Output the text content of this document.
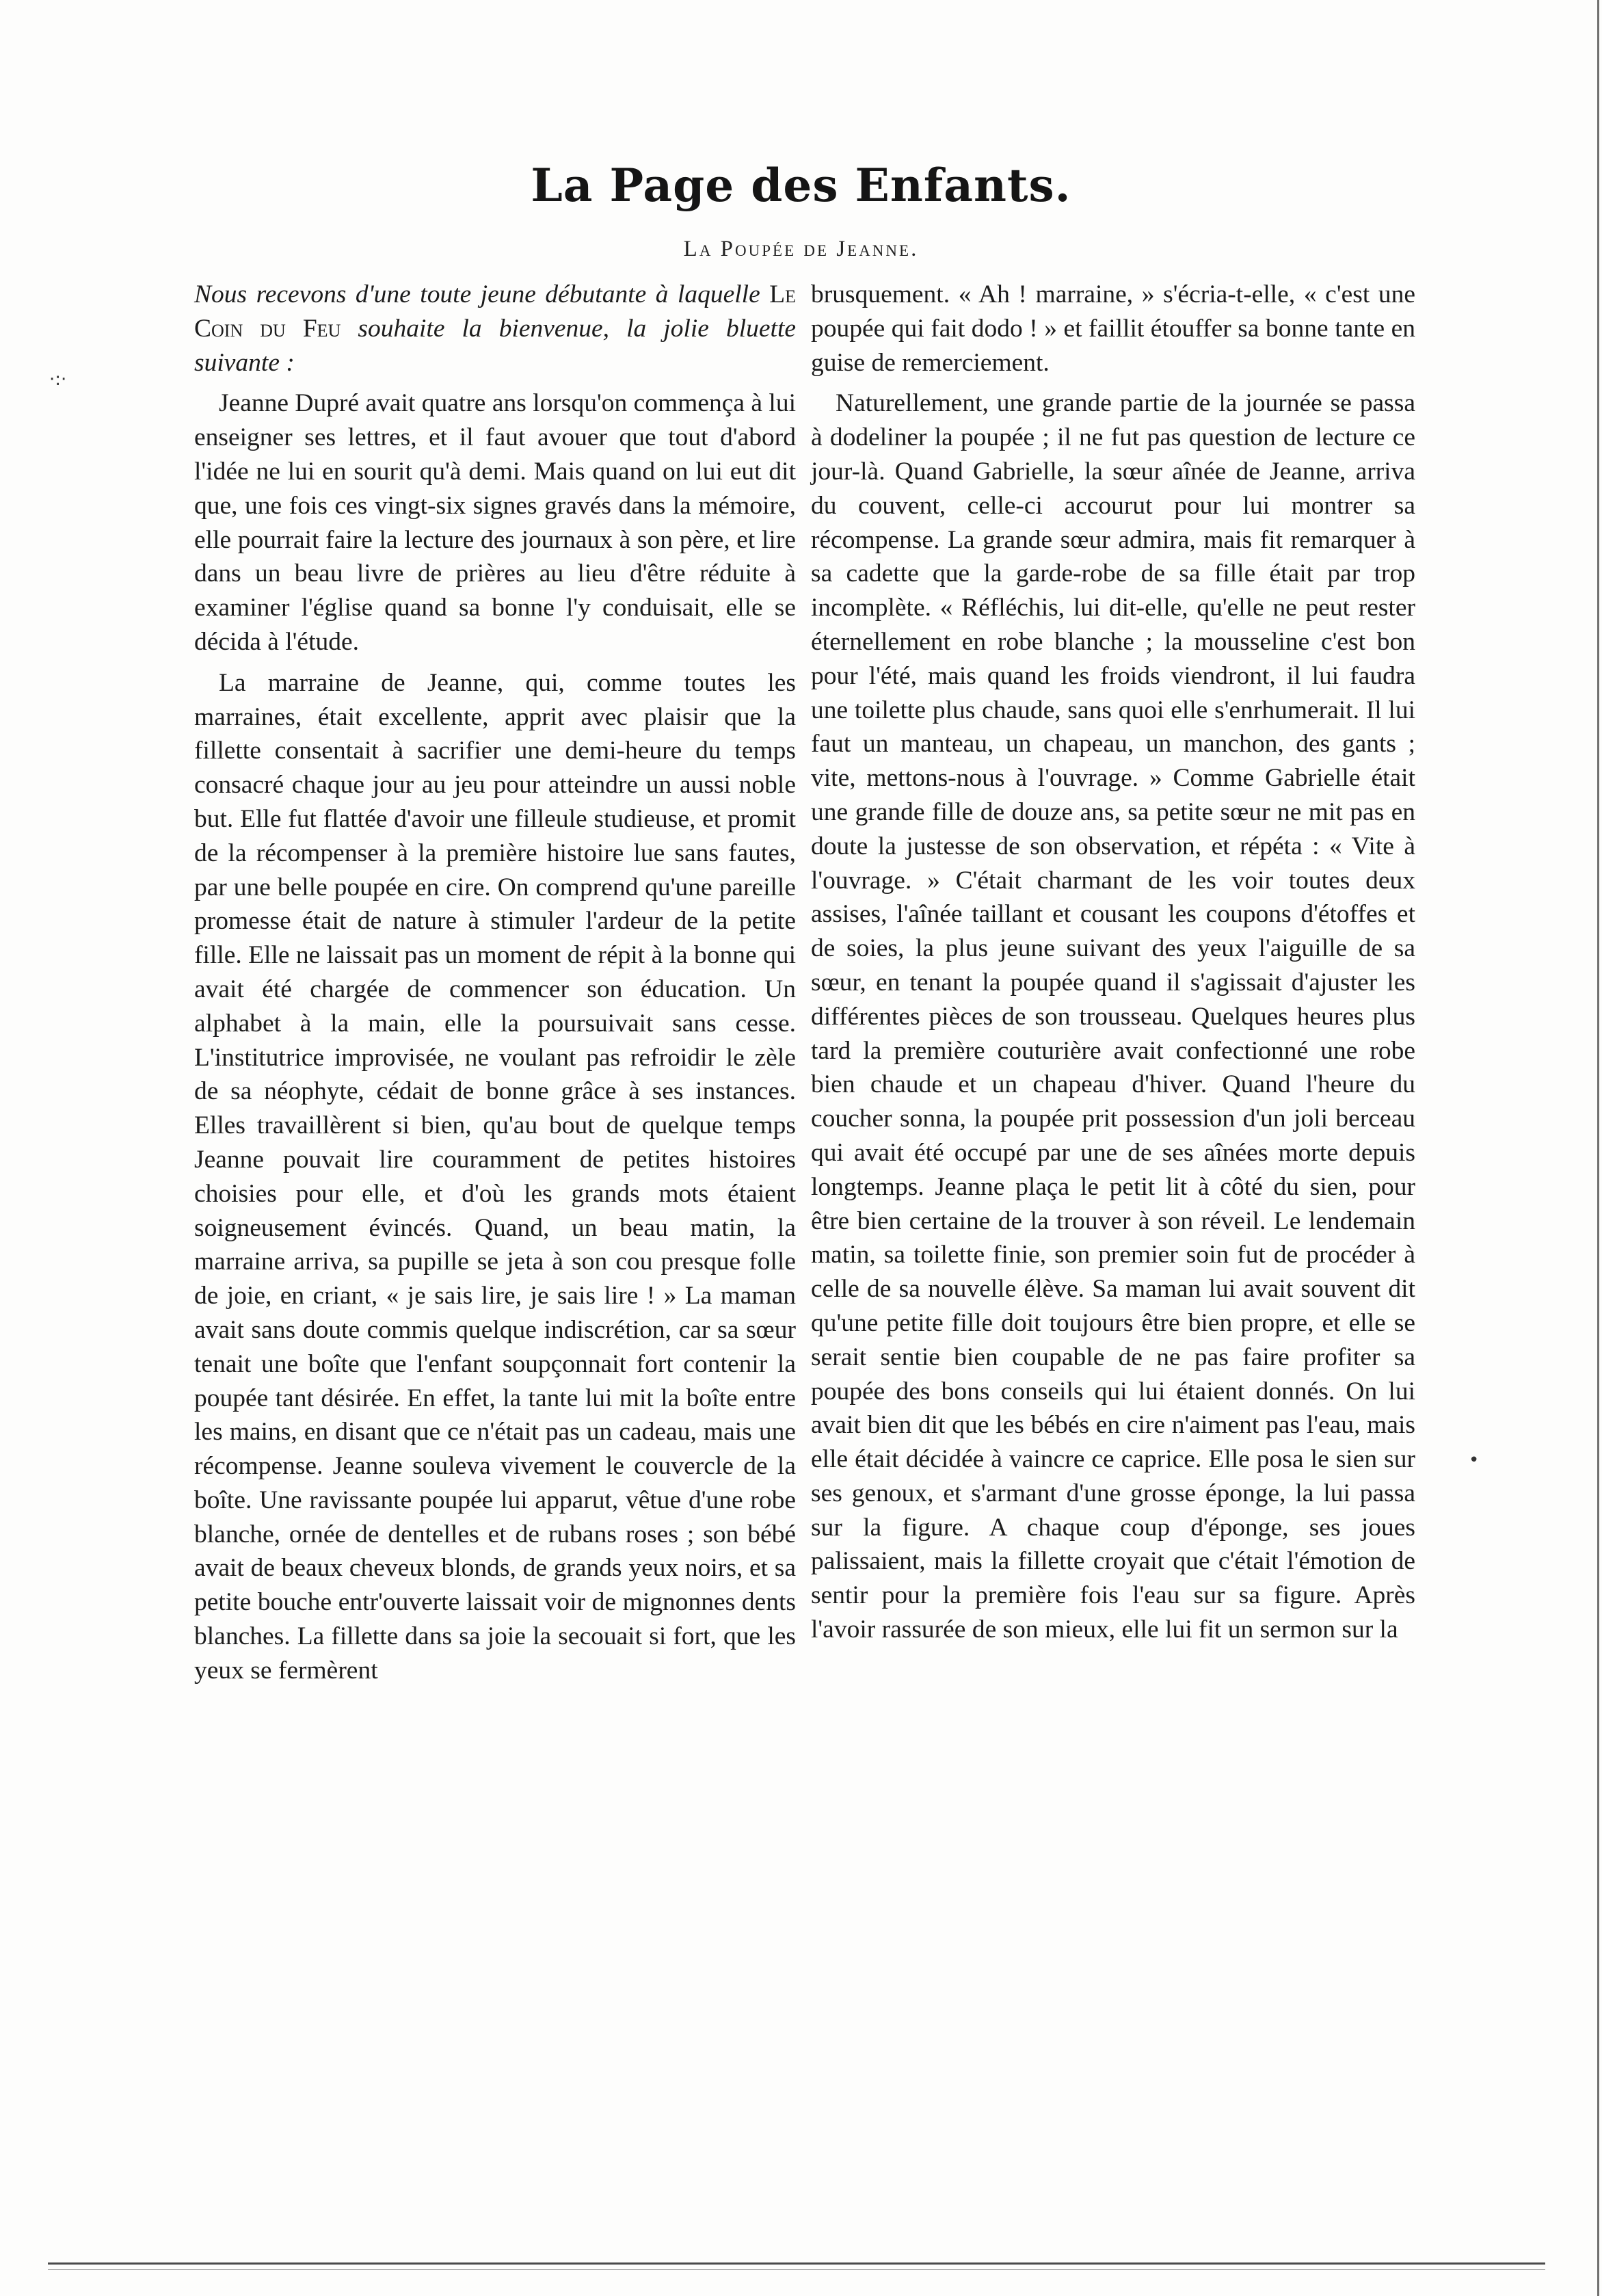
La Page des Enfants.
La Poupée de Jeanne.

Nous recevons d'une toute jeune débutante à laquelle Le Coin du Feu souhaite la bienvenue, la jolie bluette suivante :

Jeanne Dupré avait quatre ans lorsqu'on commença à lui enseigner ses lettres, et il faut avouer que tout d'abord l'idée ne lui en sourit qu'à demi. Mais quand on lui eut dit que, une fois ces vingt-six signes gravés dans la mémoire, elle pourrait faire la lecture des journaux à son père, et lire dans un beau livre de prières au lieu d'être réduite à examiner l'église quand sa bonne l'y conduisait, elle se décida à l'étude.

La marraine de Jeanne, qui, comme toutes les marraines, était excellente, apprit avec plaisir que la fillette consentait à sacrifier une demi-heure du temps consacré chaque jour au jeu pour atteindre un aussi noble but. Elle fut flattée d'avoir une filleule studieuse, et promit de la récompenser à la première histoire lue sans fautes, par une belle poupée en cire. On comprend qu'une pareille promesse était de nature à stimuler l'ardeur de la petite fille. Elle ne laissait pas un moment de répit à la bonne qui avait été chargée de commencer son éducation. Un alphabet à la main, elle la poursuivait sans cesse. L'institutrice improvisée, ne voulant pas refroidir le zèle de sa néophyte, cédait de bonne grâce à ses instances. Elles travaillèrent si bien, qu'au bout de quelque temps Jeanne pouvait lire couramment de petites histoires choisies pour elle, et d'où les grands mots étaient soigneusement évincés. Quand, un beau matin, la marraine arriva, sa pupille se jeta à son cou presque folle de joie, en criant, « je sais lire, je sais lire ! » La maman avait sans doute commis quelque indiscrétion, car sa sœur tenait une boîte que l'enfant soupçonnait fort contenir la poupée tant désirée. En effet, la tante lui mit la boîte entre les mains, en disant que ce n'était pas un cadeau, mais une récompense. Jeanne souleva vivement le couvercle de la boîte. Une ravissante poupée lui apparut, vêtue d'une robe blanche, ornée de dentelles et de rubans roses ; son bébé avait de beaux cheveux blonds, de grands yeux noirs, et sa petite bouche entr'ouverte laissait voir de mignonnes dents blanches. La fillette dans sa joie la secouait si fort, que les yeux se fermèrent

brusquement. « Ah ! marraine, » s'écria-t-elle, « c'est une poupée qui fait dodo ! » et faillit étouffer sa bonne tante en guise de remerciement.

Naturellement, une grande partie de la journée se passa à dodeliner la poupée ; il ne fut pas question de lecture ce jour-là. Quand Gabrielle, la sœur aînée de Jeanne, arriva du couvent, celle-ci accourut pour lui montrer sa récompense. La grande sœur admira, mais fit remarquer à sa cadette que la garde-robe de sa fille était par trop incomplète. « Réfléchis, lui dit-elle, qu'elle ne peut rester éternellement en robe blanche ; la mousseline c'est bon pour l'été, mais quand les froids viendront, il lui faudra une toilette plus chaude, sans quoi elle s'enrhumerait. Il lui faut un manteau, un chapeau, un manchon, des gants ; vite, mettons-nous à l'ouvrage. » Comme Gabrielle était une grande fille de douze ans, sa petite sœur ne mit pas en doute la justesse de son observation, et répéta : « Vite à l'ouvrage. » C'était charmant de les voir toutes deux assises, l'aînée taillant et cousant les coupons d'étoffes et de soies, la plus jeune suivant des yeux l'aiguille de sa sœur, en tenant la poupée quand il s'agissait d'ajuster les différentes pièces de son trousseau. Quelques heures plus tard la première couturière avait confectionné une robe bien chaude et un chapeau d'hiver. Quand l'heure du coucher sonna, la poupée prit possession d'un joli berceau qui avait été occupé par une de ses aînées morte depuis longtemps. Jeanne plaça le petit lit à côté du sien, pour être bien certaine de la trouver à son réveil. Le lendemain matin, sa toilette finie, son premier soin fut de procéder à celle de sa nouvelle élève. Sa maman lui avait souvent dit qu'une petite fille doit toujours être bien propre, et elle se serait sentie bien coupable de ne pas faire profiter sa poupée des bons conseils qui lui étaient donnés. On lui avait bien dit que les bébés en cire n'aiment pas l'eau, mais elle était décidée à vaincre ce caprice. Elle posa le sien sur ses genoux, et s'armant d'une grosse éponge, la lui passa sur la figure. A chaque coup d'éponge, ses joues palissaient, mais la fillette croyait que c'était l'émotion de sentir pour la première fois l'eau sur sa figure. Après l'avoir rassurée de son mieux, elle lui fit un sermon sur la

·:·
•
